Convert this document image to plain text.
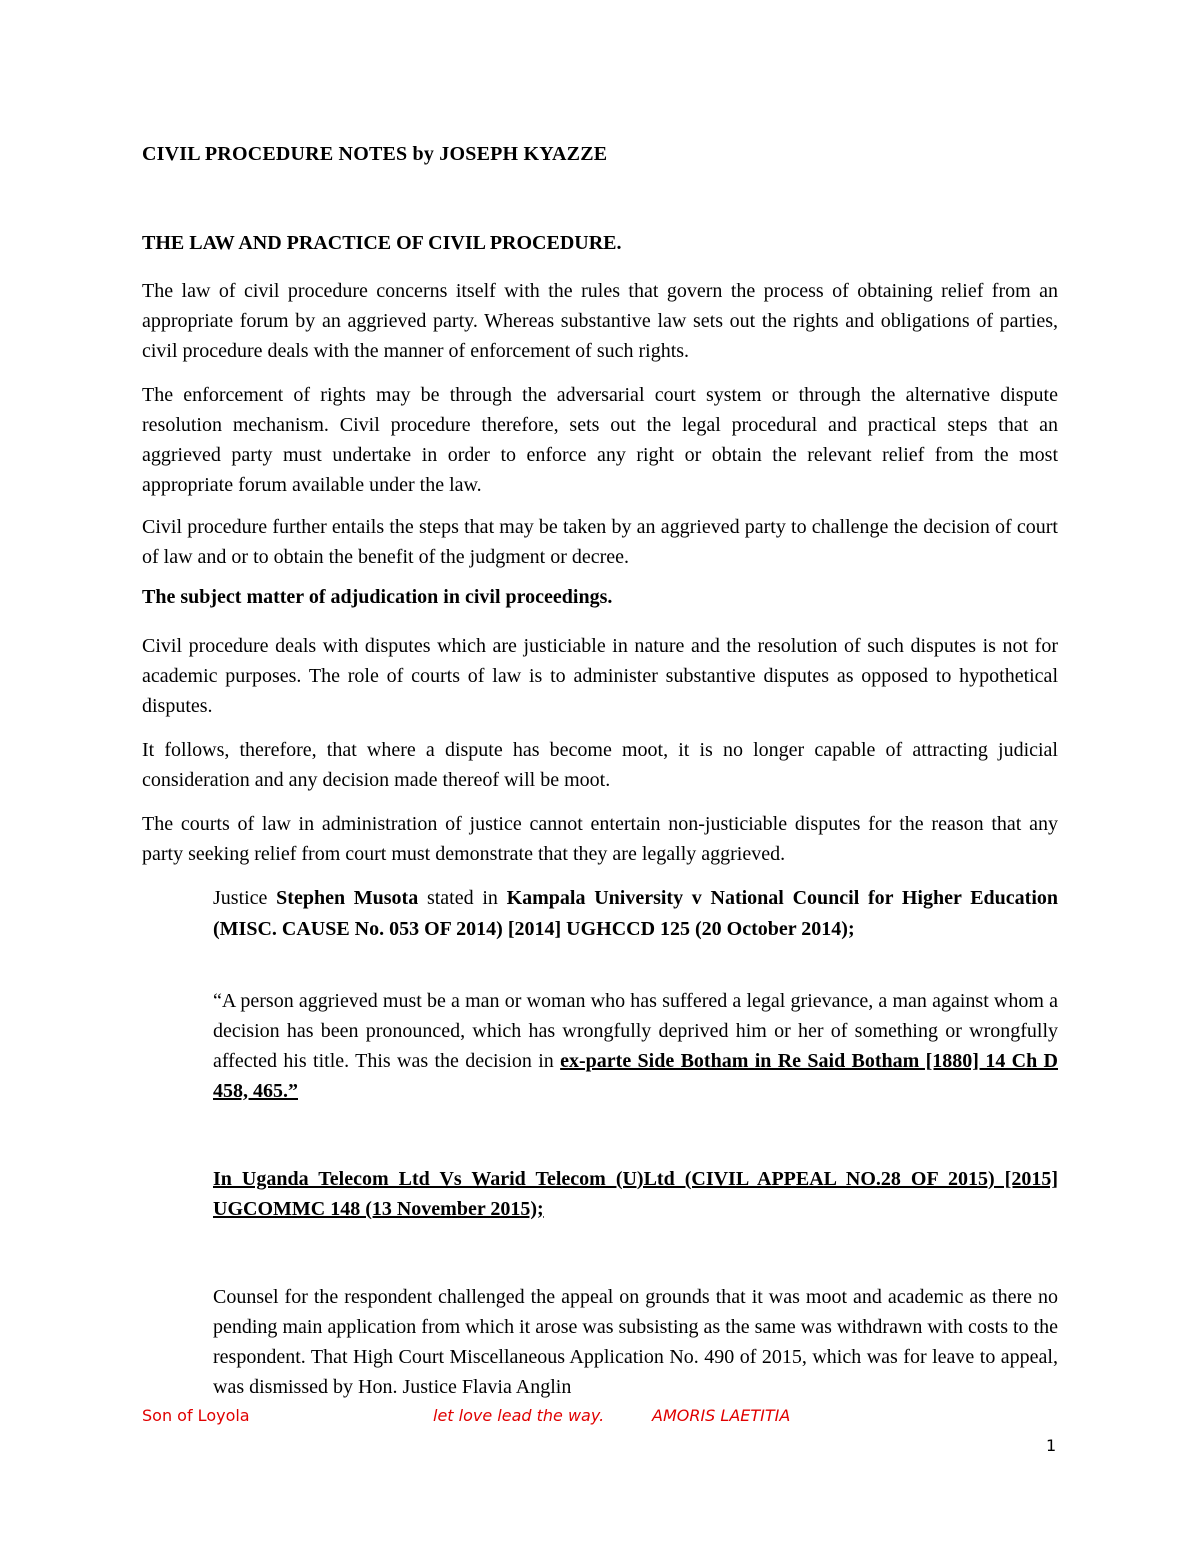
CIVIL PROCEDURE NOTES by JOSEPH KYAZZE
THE LAW AND PRACTICE OF CIVIL PROCEDURE.
The law of civil procedure concerns itself with the rules that govern the process of obtaining relief from an appropriate forum by an aggrieved party. Whereas substantive law sets out the rights and obligations of parties, civil procedure deals with the manner of enforcement of such rights.
The enforcement of rights may be through the adversarial court system or through the alternative dispute resolution mechanism. Civil procedure therefore, sets out the legal procedural and practical steps that an aggrieved party must undertake in order to enforce any right or obtain the relevant relief from the most appropriate forum available under the law.
Civil procedure further entails the steps that may be taken by an aggrieved party to challenge the decision of court of law and or to obtain the benefit of the judgment or decree.
The subject matter of adjudication in civil proceedings.
Civil procedure deals with disputes which are justiciable in nature and the resolution of such disputes is not for academic purposes. The role of courts of law is to administer substantive disputes as opposed to hypothetical disputes.
It follows, therefore, that where a dispute has become moot, it is no longer capable of attracting judicial consideration and any decision made thereof will be moot.
The courts of law in administration of justice cannot entertain non-justiciable disputes for the reason that any party seeking relief from court must demonstrate that they are legally aggrieved.
Justice Stephen Musota stated in Kampala University v National Council for Higher Education (MISC. CAUSE No. 053 OF 2014) [2014] UGHCCD 125 (20 October 2014);
“A person aggrieved must be a man or woman who has suffered a legal grievance, a man against whom a decision has been pronounced, which has wrongfully deprived him or her of something or wrongfully affected his title. This was the decision in ex-parte Side Botham in Re Said Botham [1880] 14 Ch D 458, 465.”
In Uganda Telecom Ltd Vs Warid Telecom (U)Ltd (CIVIL APPEAL NO.28 OF 2015) [2015] UGCOMMC 148 (13 November 2015);
Counsel for the respondent challenged the appeal on grounds that it was moot and academic as there no pending main application from which it arose was subsisting as the same was withdrawn with costs to the respondent. That High Court Miscellaneous Application No. 490 of 2015, which was for leave to appeal, was dismissed by Hon. Justice Flavia Anglin
Son of Loyola	let love lead the way.	AMORIS LAETITIA
1
